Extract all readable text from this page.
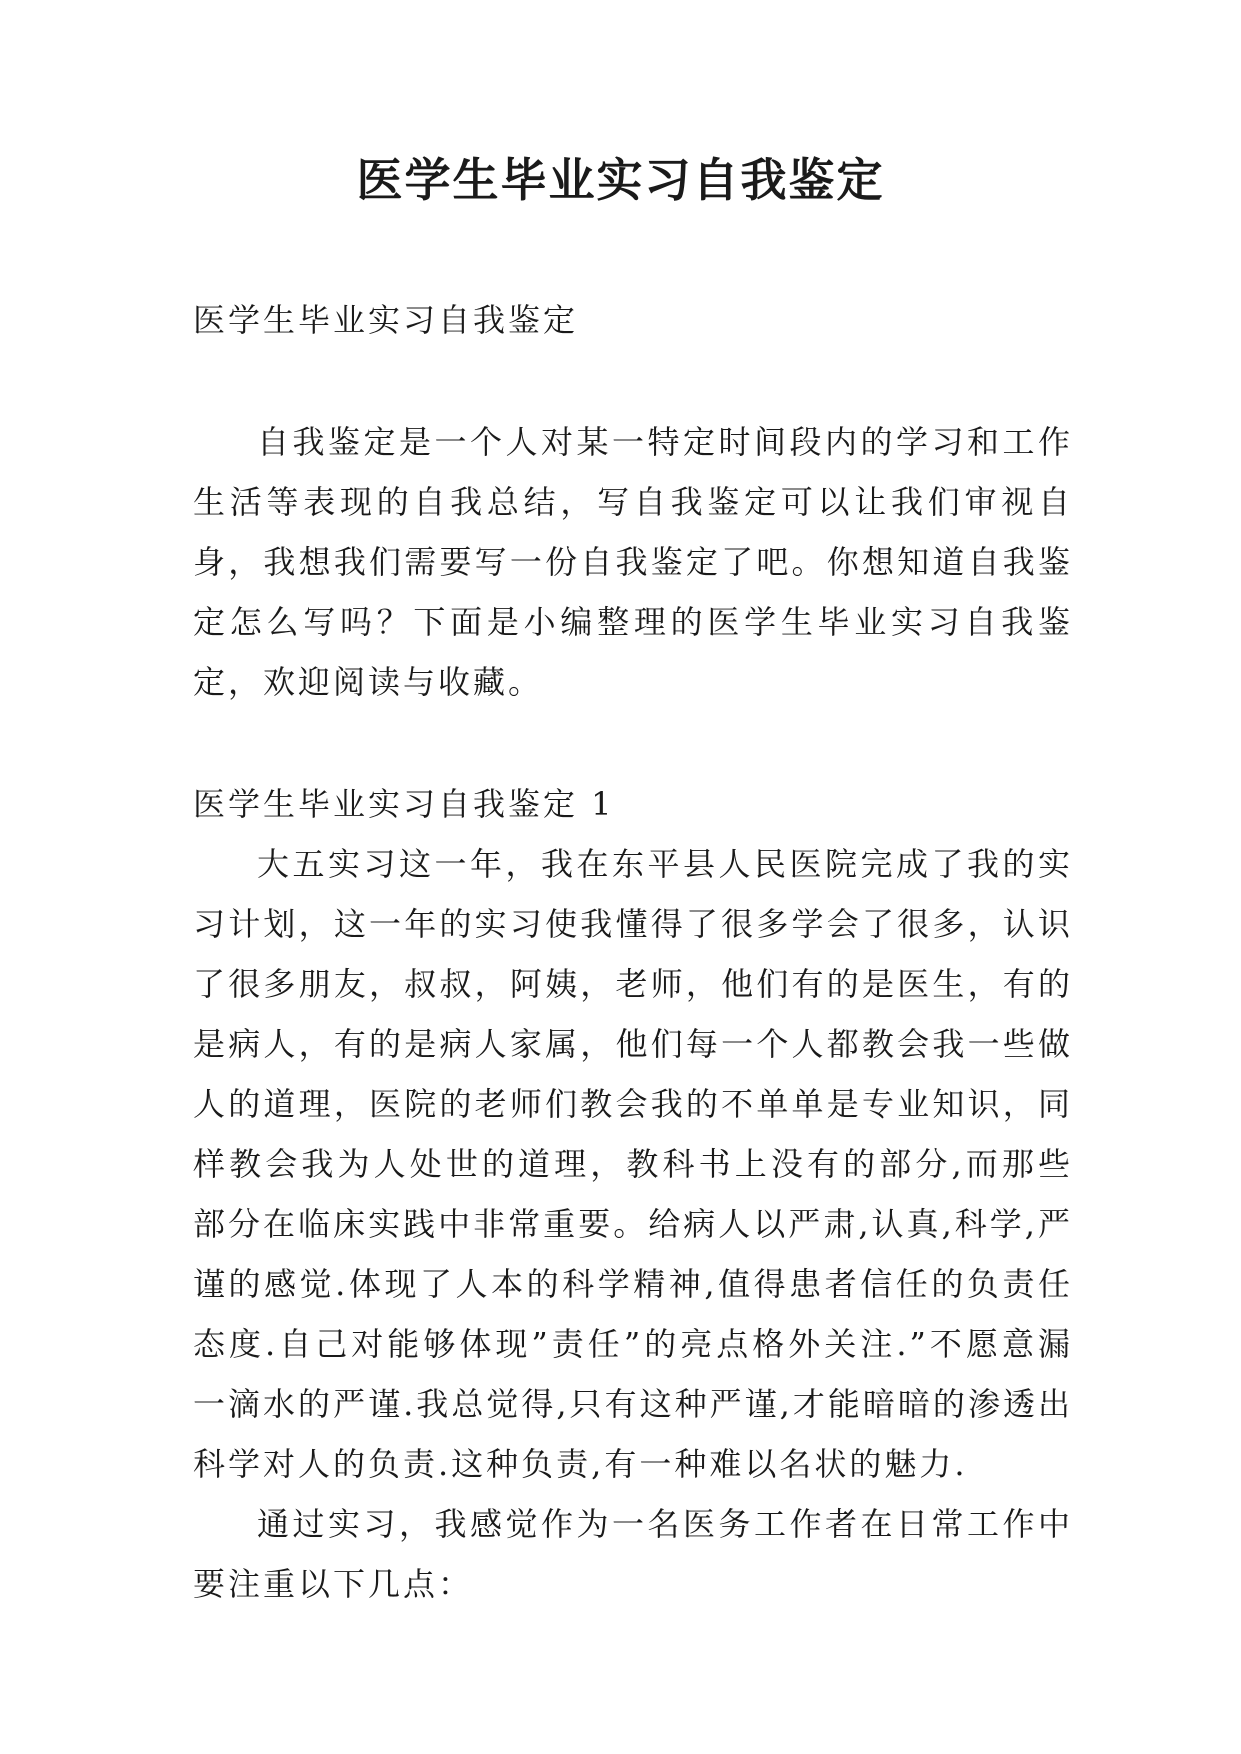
医学生毕业实习自我鉴定

医学生毕业实习自我鉴定

自我鉴定是一个人对某一特定时间段内的学习和工作生活等表现的自我总结，写自我鉴定可以让我们审视自身，我想我们需要写一份自我鉴定了吧。你想知道自我鉴定怎么写吗？下面是小编整理的医学生毕业实习自我鉴定，欢迎阅读与收藏。

医学生毕业实习自我鉴定 1

大五实习这一年，我在东平县人民医院完成了我的实习计划，这一年的实习使我懂得了很多学会了很多，认识了很多朋友，叔叔，阿姨，老师，他们有的是医生，有的是病人，有的是病人家属，他们每一个人都教会我一些做人的道理，医院的老师们教会我的不单单是专业知识，同样教会我为人处世的道理，教科书上没有的部分,而那些部分在临床实践中非常重要。给病人以严肃,认真,科学,严谨的感觉.体现了人本的科学精神,值得患者信任的负责任态度.自己对能够体现”责任”的亮点格外关注.”不愿意漏一滴水的严谨.我总觉得,只有这种严谨,才能暗暗的渗透出科学对人的负责.这种负责,有一种难以名状的魅力.

通过实习，我感觉作为一名医务工作者在日常工作中要注重以下几点：
